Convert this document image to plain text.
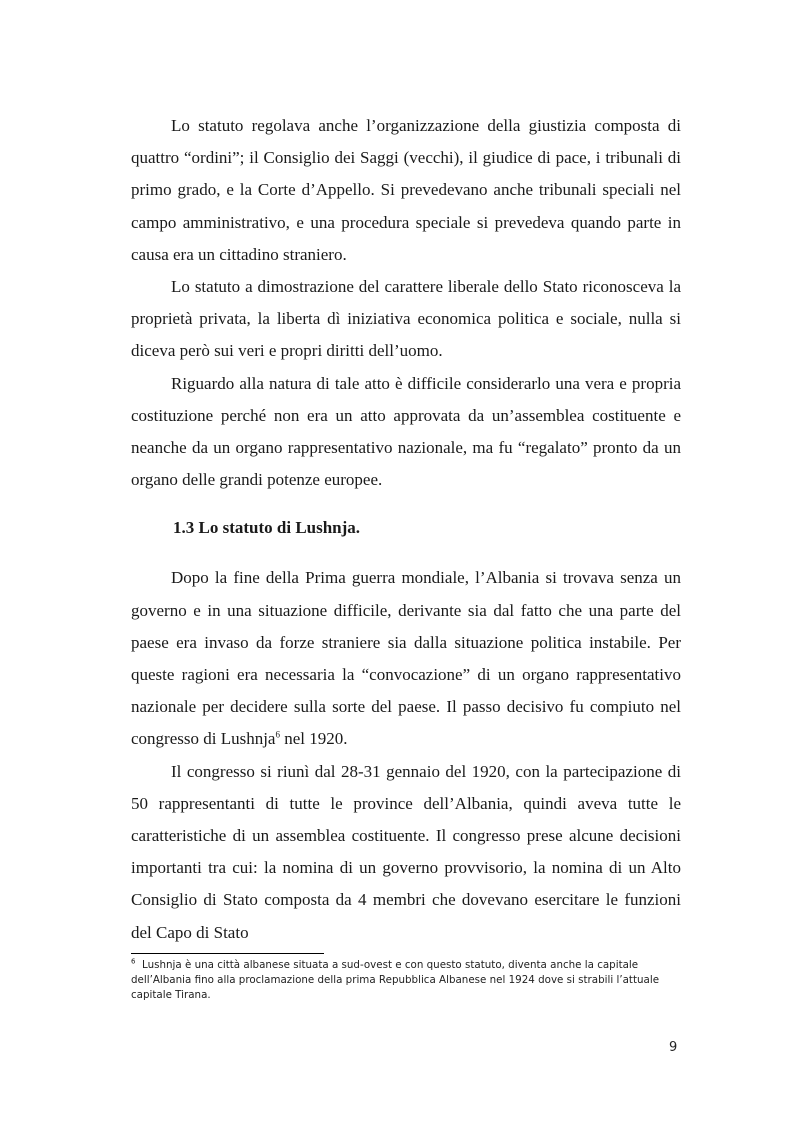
Lo statuto regolava anche l’organizzazione della giustizia composta di quattro “ordini”; il Consiglio dei Saggi (vecchi), il giudice di pace, i tribunali di primo grado, e la Corte d’Appello. Si prevedevano anche tribunali speciali nel campo amministrativo, e una procedura speciale si prevedeva quando parte in causa era un cittadino straniero.

Lo statuto a dimostrazione del carattere liberale dello Stato riconosceva la proprietà privata, la liberta dì iniziativa economica politica e sociale, nulla si diceva però sui veri e propri diritti dell’uomo.

Riguardo alla natura di tale atto è difficile considerarlo una vera e propria costituzione perché non era un atto approvata da un’assemblea costituente e neanche da un organo rappresentativo nazionale, ma fu “regalato” pronto da un organo delle grandi potenze europee.

1.3 Lo statuto di Lushnja.

Dopo la fine della Prima guerra mondiale, l’Albania si trovava senza un governo e in una situazione difficile, derivante sia dal fatto che una parte del paese era invaso da forze straniere sia dalla situazione politica instabile. Per queste ragioni era necessaria la “convocazione” di un organo rappresentativo nazionale per decidere sulla sorte del paese. Il passo decisivo fu compiuto nel congresso di Lushnja$^6$ nel 1920.

Il congresso si riunì dal 28-31 gennaio del 1920, con la partecipazione di 50 rappresentanti di tutte le province dell’Albania, quindi aveva tutte le caratteristiche di un assemblea costituente. Il congresso prese alcune decisioni importanti tra cui: la nomina di un governo provvisorio, la nomina di un Alto Consiglio di Stato composta da 4 membri che dovevano esercitare le funzioni del Capo di Stato

$^6$ Lushnja è una città albanese situata a sud-ovest e con questo statuto, diventa anche la capitale dell’Albania fino alla proclamazione della prima Repubblica Albanese nel 1924 dove si strabili l’attuale capitale Tirana.
9
